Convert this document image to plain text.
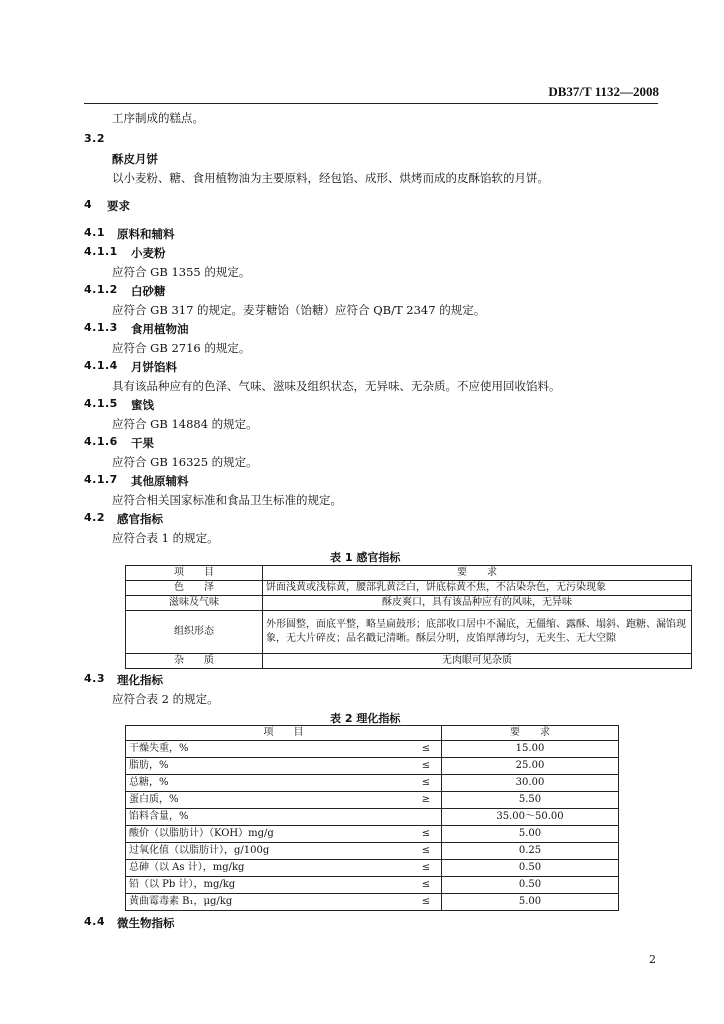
DB37/T 1132—2008
工序制成的糕点。
3.2
酥皮月饼
以小麦粉、糖、食用植物油为主要原料，经包馅、成形、烘烤而成的皮酥馅软的月饼。
4 要求
4.1 原料和辅料
4.1.1 小麦粉
应符合 GB 1355 的规定。
4.1.2 白砂糖
应符合 GB 317 的规定。麦芽糖饴（饴糖）应符合 QB/T 2347 的规定。
4.1.3 食用植物油
应符合 GB 2716 的规定。
4.1.4 月饼馅料
具有该品种应有的色泽、气味、滋味及组织状态，无异味、无杂质。不应使用回收馅料。
4.1.5 蜜饯
应符合 GB 14884 的规定。
4.1.6 干果
应符合 GB 16325 的规定。
4.1.7 其他原辅料
应符合相关国家标准和食品卫生标准的规定。
4.2 感官指标
应符合表 1 的规定。
表 1 感官指标
项　　目	要　　求
色　　泽	饼面浅黄或浅棕黄，腰部乳黄泛白，饼底棕黄不焦，不沾染杂色，无污染现象
滋味及气味	酥皮爽口，具有该品种应有的风味，无异味
组织形态	外形圆整，面底平整，略呈扁鼓形；底部收口居中不漏底，无僵缩、露酥、塌斜、跑糖、漏馅现象，无大片碎皮；品名戳记清晰。酥层分明，皮馅厚薄均匀，无夹生、无大空隙
杂　　质	无肉眼可见杂质
4.3 理化指标
应符合表 2 的规定。
表 2 理化指标
项　　目		要　　求
干燥失重，%	≤	15.00
脂肪，%	≤	25.00
总糖，%	≤	30.00
蛋白质，%	≥	5.50
馅料含量，%		35.00～50.00
酸价（以脂肪计）（KOH）mg/g	≤	5.00
过氧化值（以脂肪计），g/100g	≤	0.25
总砷（以 As 计），mg/kg	≤	0.50
铅（以 Pb 计），mg/kg	≤	0.50
黄曲霉毒素 B₁，μg/kg	≤	5.00
4.4 微生物指标
2
